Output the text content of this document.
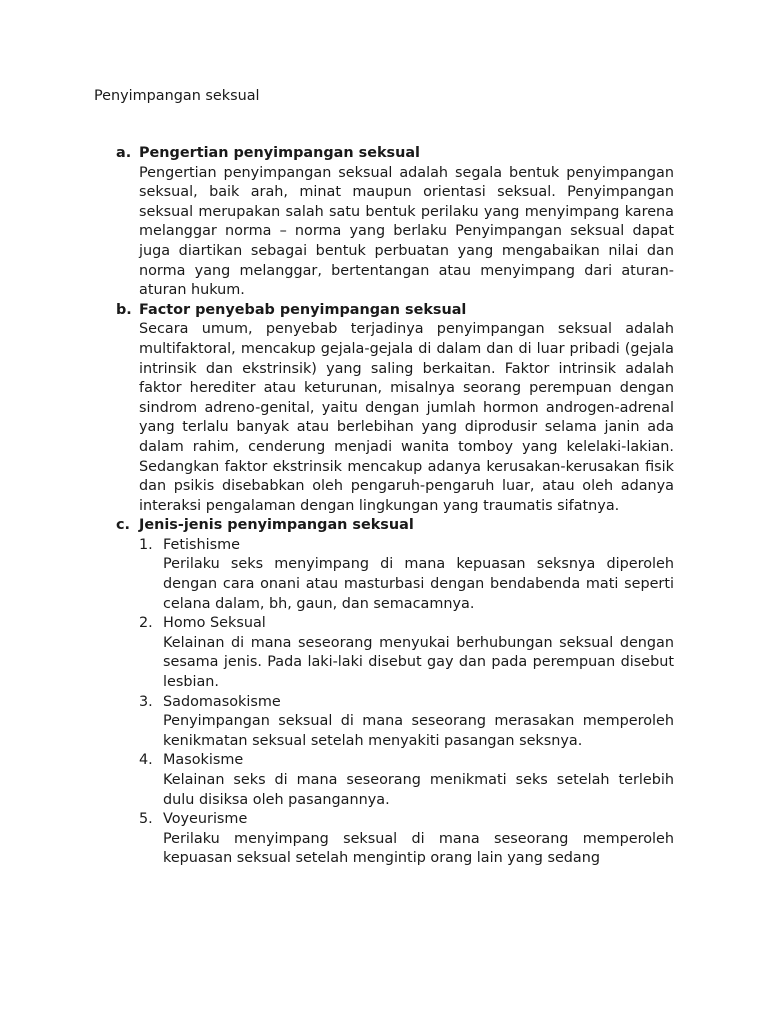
Penyimpangan seksual
a. Pengertian penyimpangan seksual

Pengertian penyimpangan seksual adalah segala bentuk penyimpangan seksual, baik arah, minat maupun orientasi seksual. Penyimpangan seksual merupakan salah satu bentuk perilaku yang menyimpang karena melanggar norma – norma yang berlaku Penyimpangan seksual dapat juga diartikan sebagai bentuk perbuatan yang mengabaikan nilai dan norma yang melanggar, bertentangan atau menyimpang dari aturan-aturan hukum.

b. Factor penyebab penyimpangan seksual

Secara umum, penyebab terjadinya penyimpangan seksual adalah multifaktoral, mencakup gejala-gejala di dalam dan di luar pribadi (gejala intrinsik dan ekstrinsik) yang saling berkaitan. Faktor intrinsik adalah faktor herediter atau keturunan, misalnya seorang perempuan dengan sindrom adreno-genital, yaitu dengan jumlah hormon androgen-adrenal yang terlalu banyak atau berlebihan yang diprodusir selama janin ada dalam rahim, cenderung menjadi wanita tomboy yang kelelaki-lakian. Sedangkan faktor ekstrinsik mencakup adanya kerusakan-kerusakan fisik dan psikis disebabkan oleh pengaruh-pengaruh luar, atau oleh adanya interaksi pengalaman dengan lingkungan yang traumatis sifatnya.

c. Jenis-jenis penyimpangan seksual
1. Fetishisme

Perilaku seks menyimpang di mana kepuasan seksnya diperoleh dengan cara onani atau masturbasi dengan bendabenda mati seperti celana dalam, bh, gaun, dan semacamnya.

2. Homo Seksual

Kelainan di mana seseorang menyukai berhubungan seksual dengan sesama jenis. Pada laki-laki disebut gay dan pada perempuan disebut lesbian.

3. Sadomasokisme

Penyimpangan seksual di mana seseorang merasakan memperoleh kenikmatan seksual setelah menyakiti pasangan seksnya.

4. Masokisme

Kelainan seks di mana seseorang menikmati seks setelah terlebih dulu disiksa oleh pasangannya.

5. Voyeurisme

Perilaku menyimpang seksual di mana seseorang memperoleh kepuasan seksual setelah mengintip orang lain yang sedang
